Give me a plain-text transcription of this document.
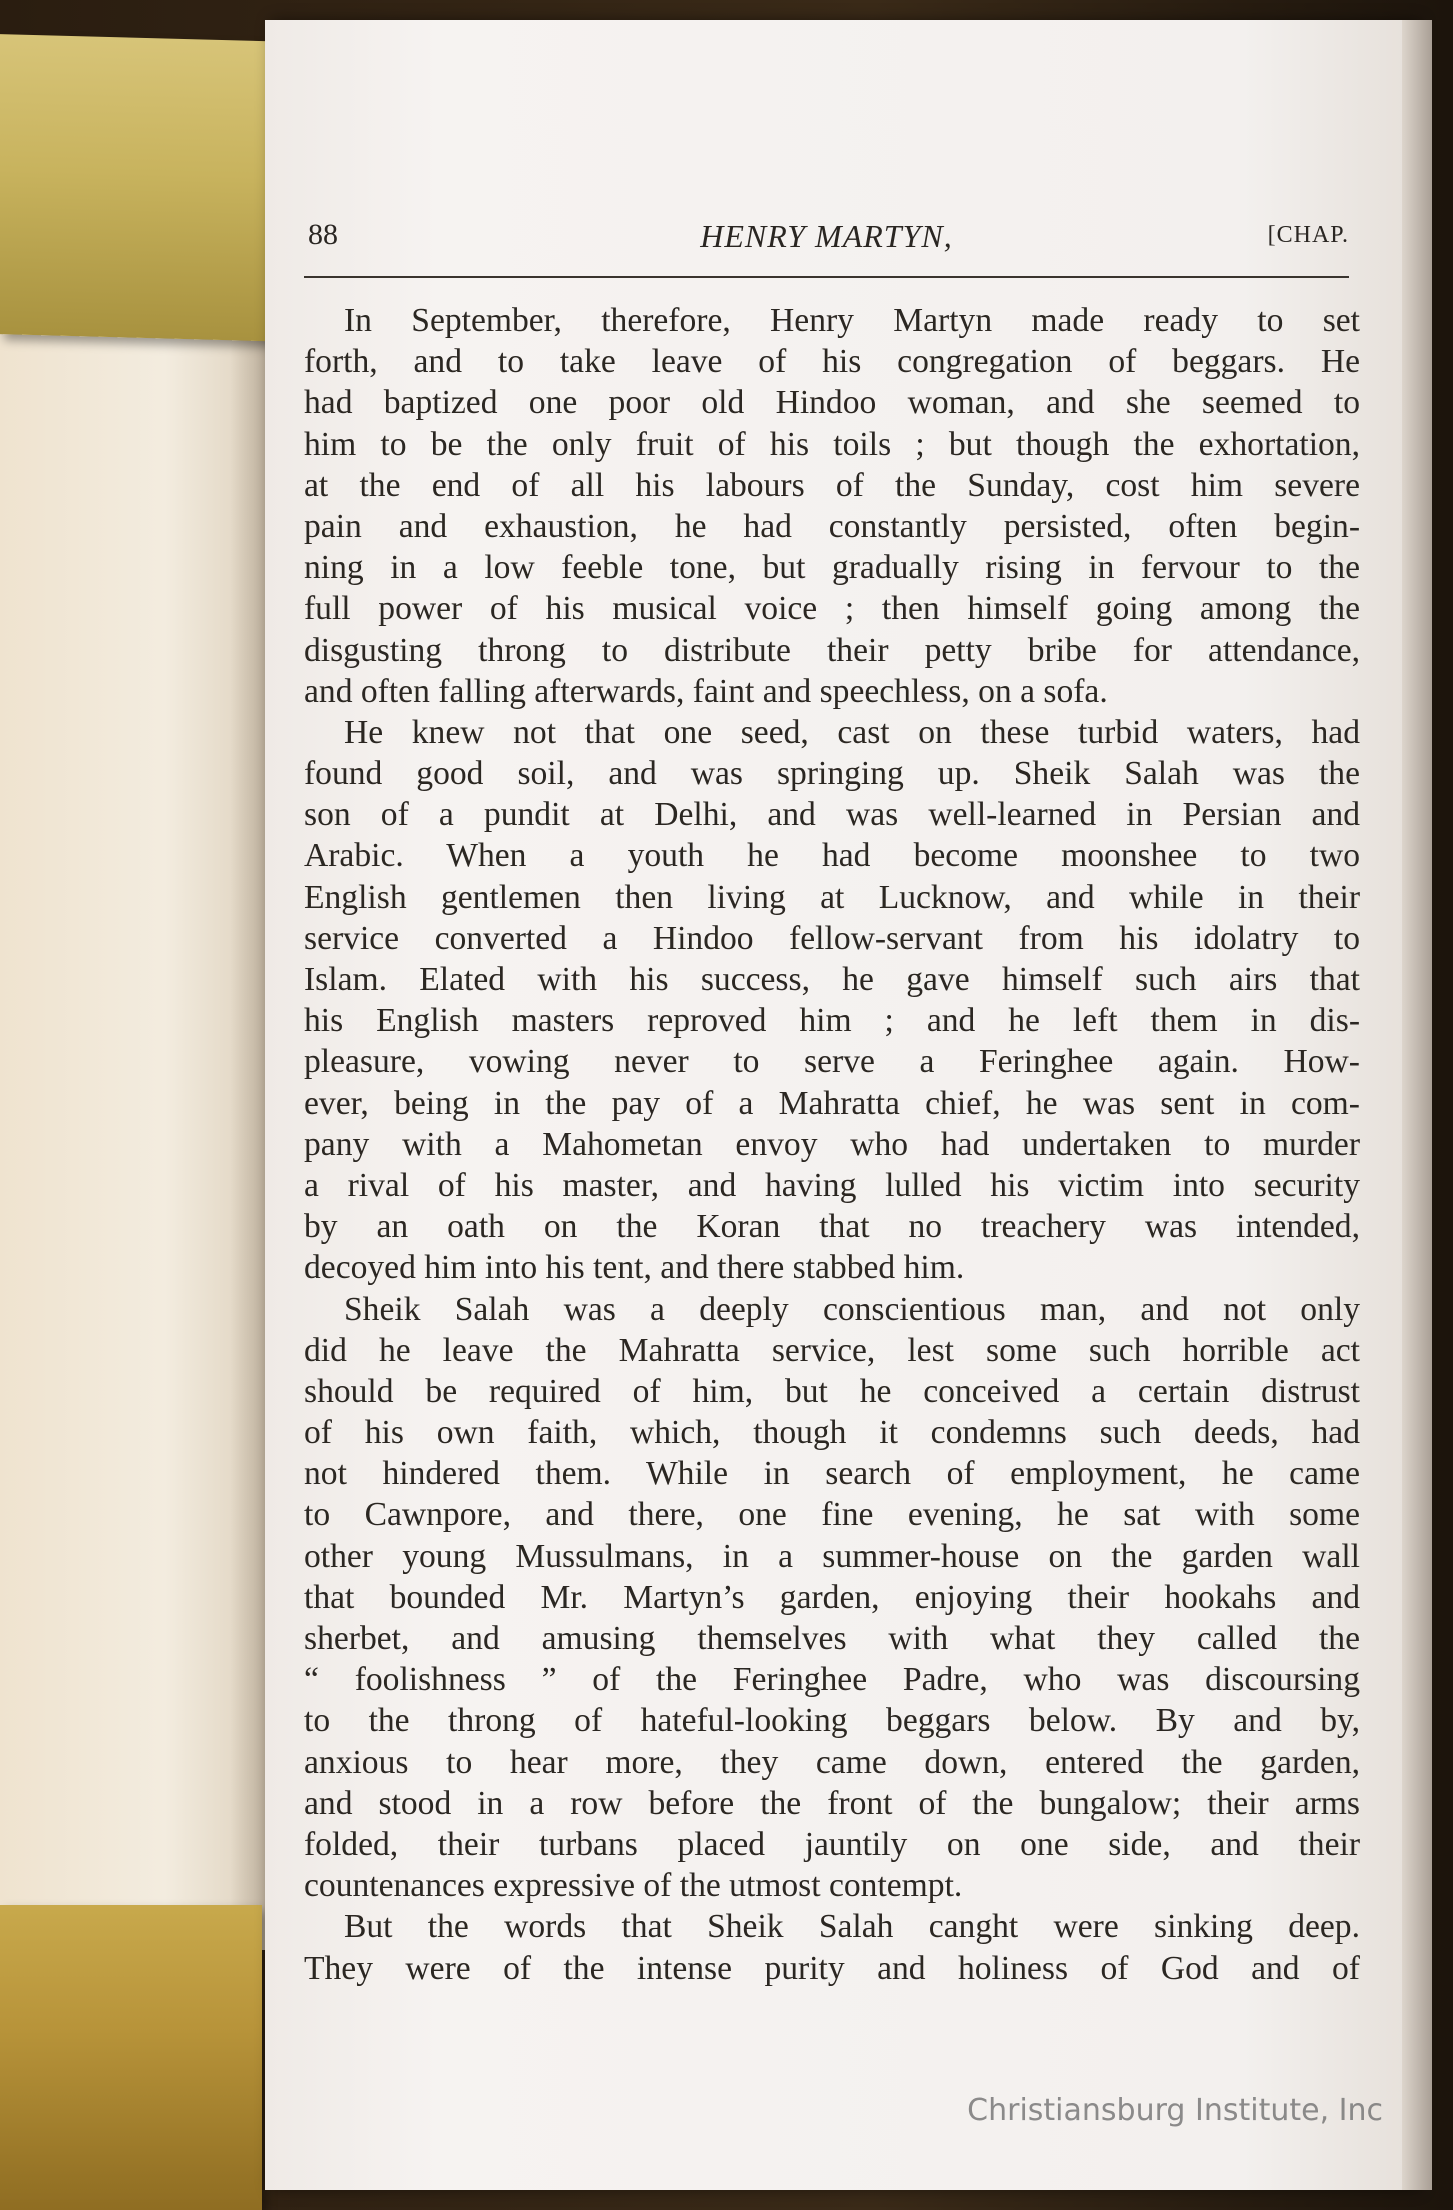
88	HENRY MARTYN,	[CHAP.
In September, therefore, Henry Martyn made ready to set
forth, and to take leave of his congregation of beggars. He
had baptized one poor old Hindoo woman, and she seemed to
him to be the only fruit of his toils ; but though the exhortation,
at the end of all his labours of the Sunday, cost him severe
pain and exhaustion, he had constantly persisted, often begin-
ning in a low feeble tone, but gradually rising in fervour to the
full power of his musical voice ; then himself going among the
disgusting throng to distribute their petty bribe for attendance,
and often falling afterwards, faint and speechless, on a sofa.
He knew not that one seed, cast on these turbid waters, had
found good soil, and was springing up. Sheik Salah was the
son of a pundit at Delhi, and was well-learned in Persian and
Arabic. When a youth he had become moonshee to two
English gentlemen then living at Lucknow, and while in their
service converted a Hindoo fellow-servant from his idolatry to
Islam. Elated with his success, he gave himself such airs that
his English masters reproved him ; and he left them in dis-
pleasure, vowing never to serve a Feringhee again. How-
ever, being in the pay of a Mahratta chief, he was sent in com-
pany with a Mahometan envoy who had undertaken to murder
a rival of his master, and having lulled his victim into security
by an oath on the Koran that no treachery was intended,
decoyed him into his tent, and there stabbed him.
Sheik Salah was a deeply conscientious man, and not only
did he leave the Mahratta service, lest some such horrible act
should be required of him, but he conceived a certain distrust
of his own faith, which, though it condemns such deeds, had
not hindered them. While in search of employment, he came
to Cawnpore, and there, one fine evening, he sat with some
other young Mussulmans, in a summer-house on the garden wall
that bounded Mr. Martyn’s garden, enjoying their hookahs and
sherbet, and amusing themselves with what they called the
“ foolishness ” of the Feringhee Padre, who was discoursing
to the throng of hateful-looking beggars below. By and by,
anxious to hear more, they came down, entered the garden,
and stood in a row before the front of the bungalow; their arms
folded, their turbans placed jauntily on one side, and their
countenances expressive of the utmost contempt.
But the words that Sheik Salah canght were sinking deep.
They were of the intense purity and holiness of God and of
Christiansburg Institute, Inc
